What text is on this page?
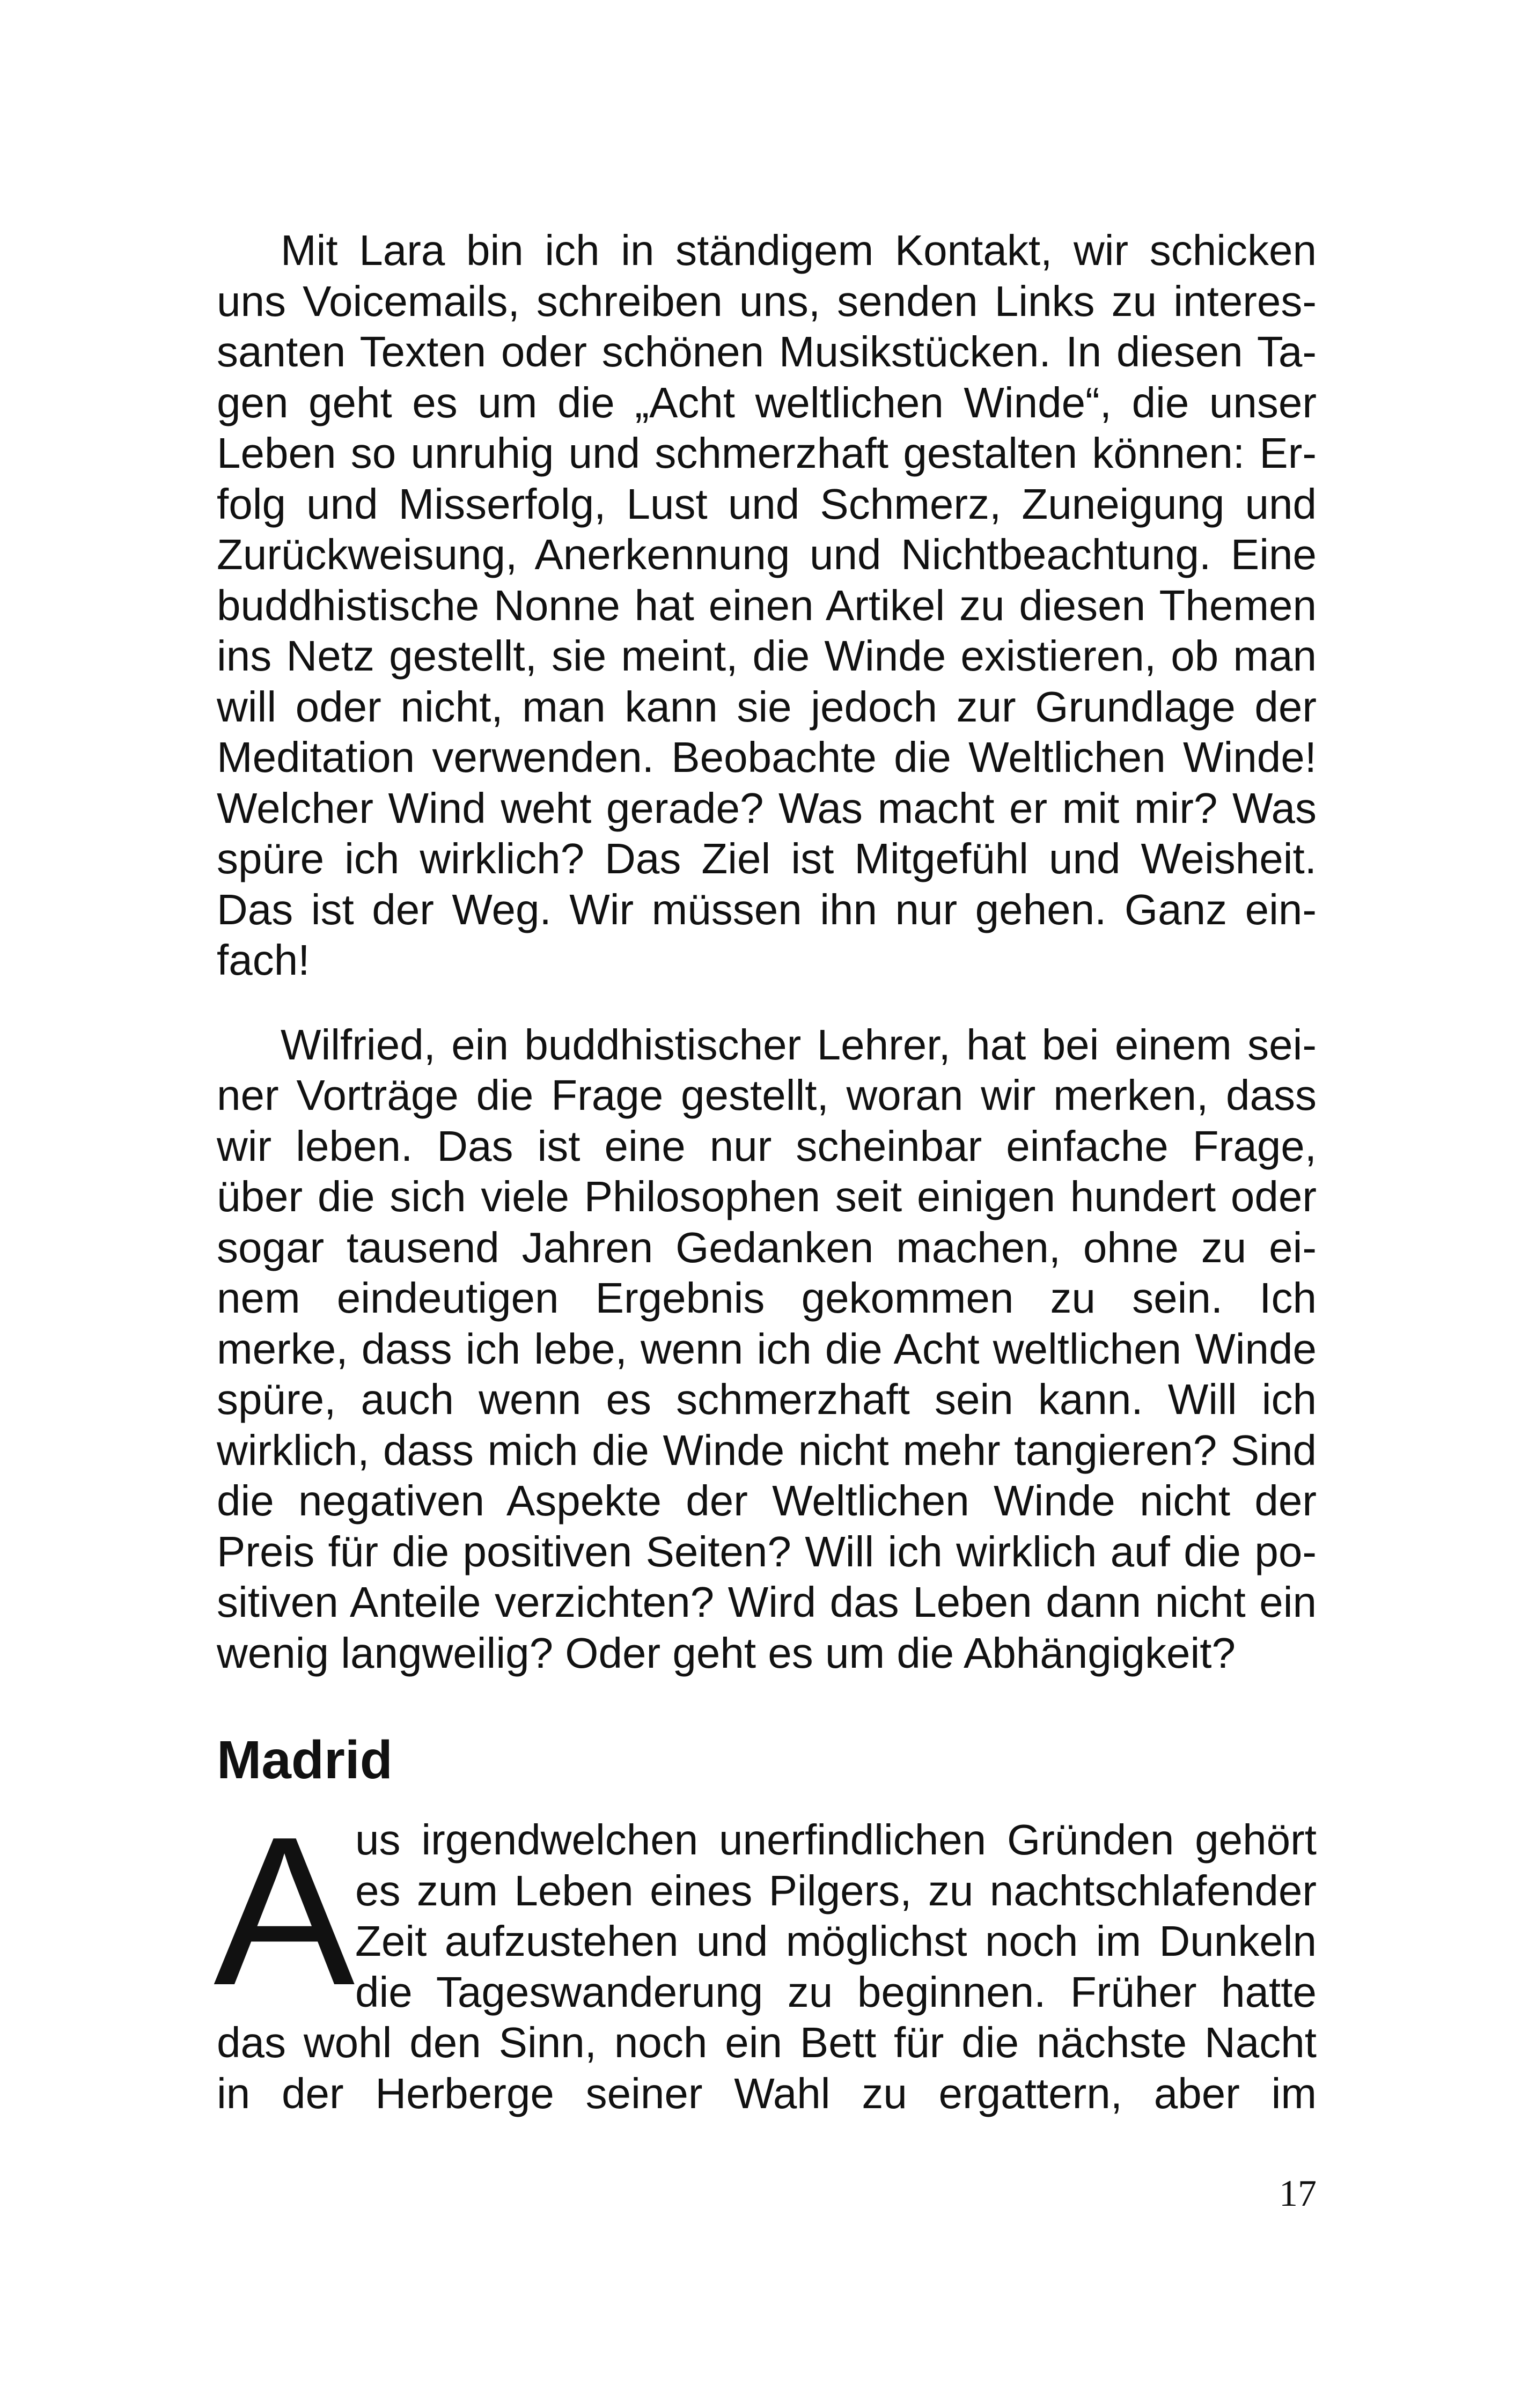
Mit Lara bin ich in ständigem Kontakt, wir schicken
uns Voicemails, schreiben uns, senden Links zu interes-
santen Texten oder schönen Musikstücken. In diesen Ta-
gen geht es um die „Acht weltlichen Winde“, die unser
Leben so unruhig und schmerzhaft gestalten können: Er-
folg und Misserfolg, Lust und Schmerz, Zuneigung und
Zurückweisung, Anerkennung und Nichtbeachtung. Eine
buddhistische Nonne hat einen Artikel zu diesen Themen
ins Netz gestellt, sie meint, die Winde existieren, ob man
will oder nicht, man kann sie jedoch zur Grundlage der
Meditation verwenden. Beobachte die Weltlichen Winde!
Welcher Wind weht gerade? Was macht er mit mir? Was
spüre ich wirklich? Das Ziel ist Mitgefühl und Weisheit.
Das ist der Weg. Wir müssen ihn nur gehen. Ganz ein-
fach!
Wilfried, ein buddhistischer Lehrer, hat bei einem sei-
ner Vorträge die Frage gestellt, woran wir merken, dass
wir leben. Das ist eine nur scheinbar einfache Frage,
über die sich viele Philosophen seit einigen hundert oder
sogar tausend Jahren Gedanken machen, ohne zu ei-
nem eindeutigen Ergebnis gekommen zu sein. Ich
merke, dass ich lebe, wenn ich die Acht weltlichen Winde
spüre, auch wenn es schmerzhaft sein kann. Will ich
wirklich, dass mich die Winde nicht mehr tangieren? Sind
die negativen Aspekte der Weltlichen Winde nicht der
Preis für die positiven Seiten? Will ich wirklich auf die po-
sitiven Anteile verzichten? Wird das Leben dann nicht ein
wenig langweilig? Oder geht es um die Abhängigkeit?
Madrid
A us irgendwelchen unerfindlichen Gründen gehört
es zum Leben eines Pilgers, zu nachtschlafender
Zeit aufzustehen und möglichst noch im Dunkeln
die Tageswanderung zu beginnen. Früher hatte
das wohl den Sinn, noch ein Bett für die nächste Nacht
in der Herberge seiner Wahl zu ergattern, aber im
17
